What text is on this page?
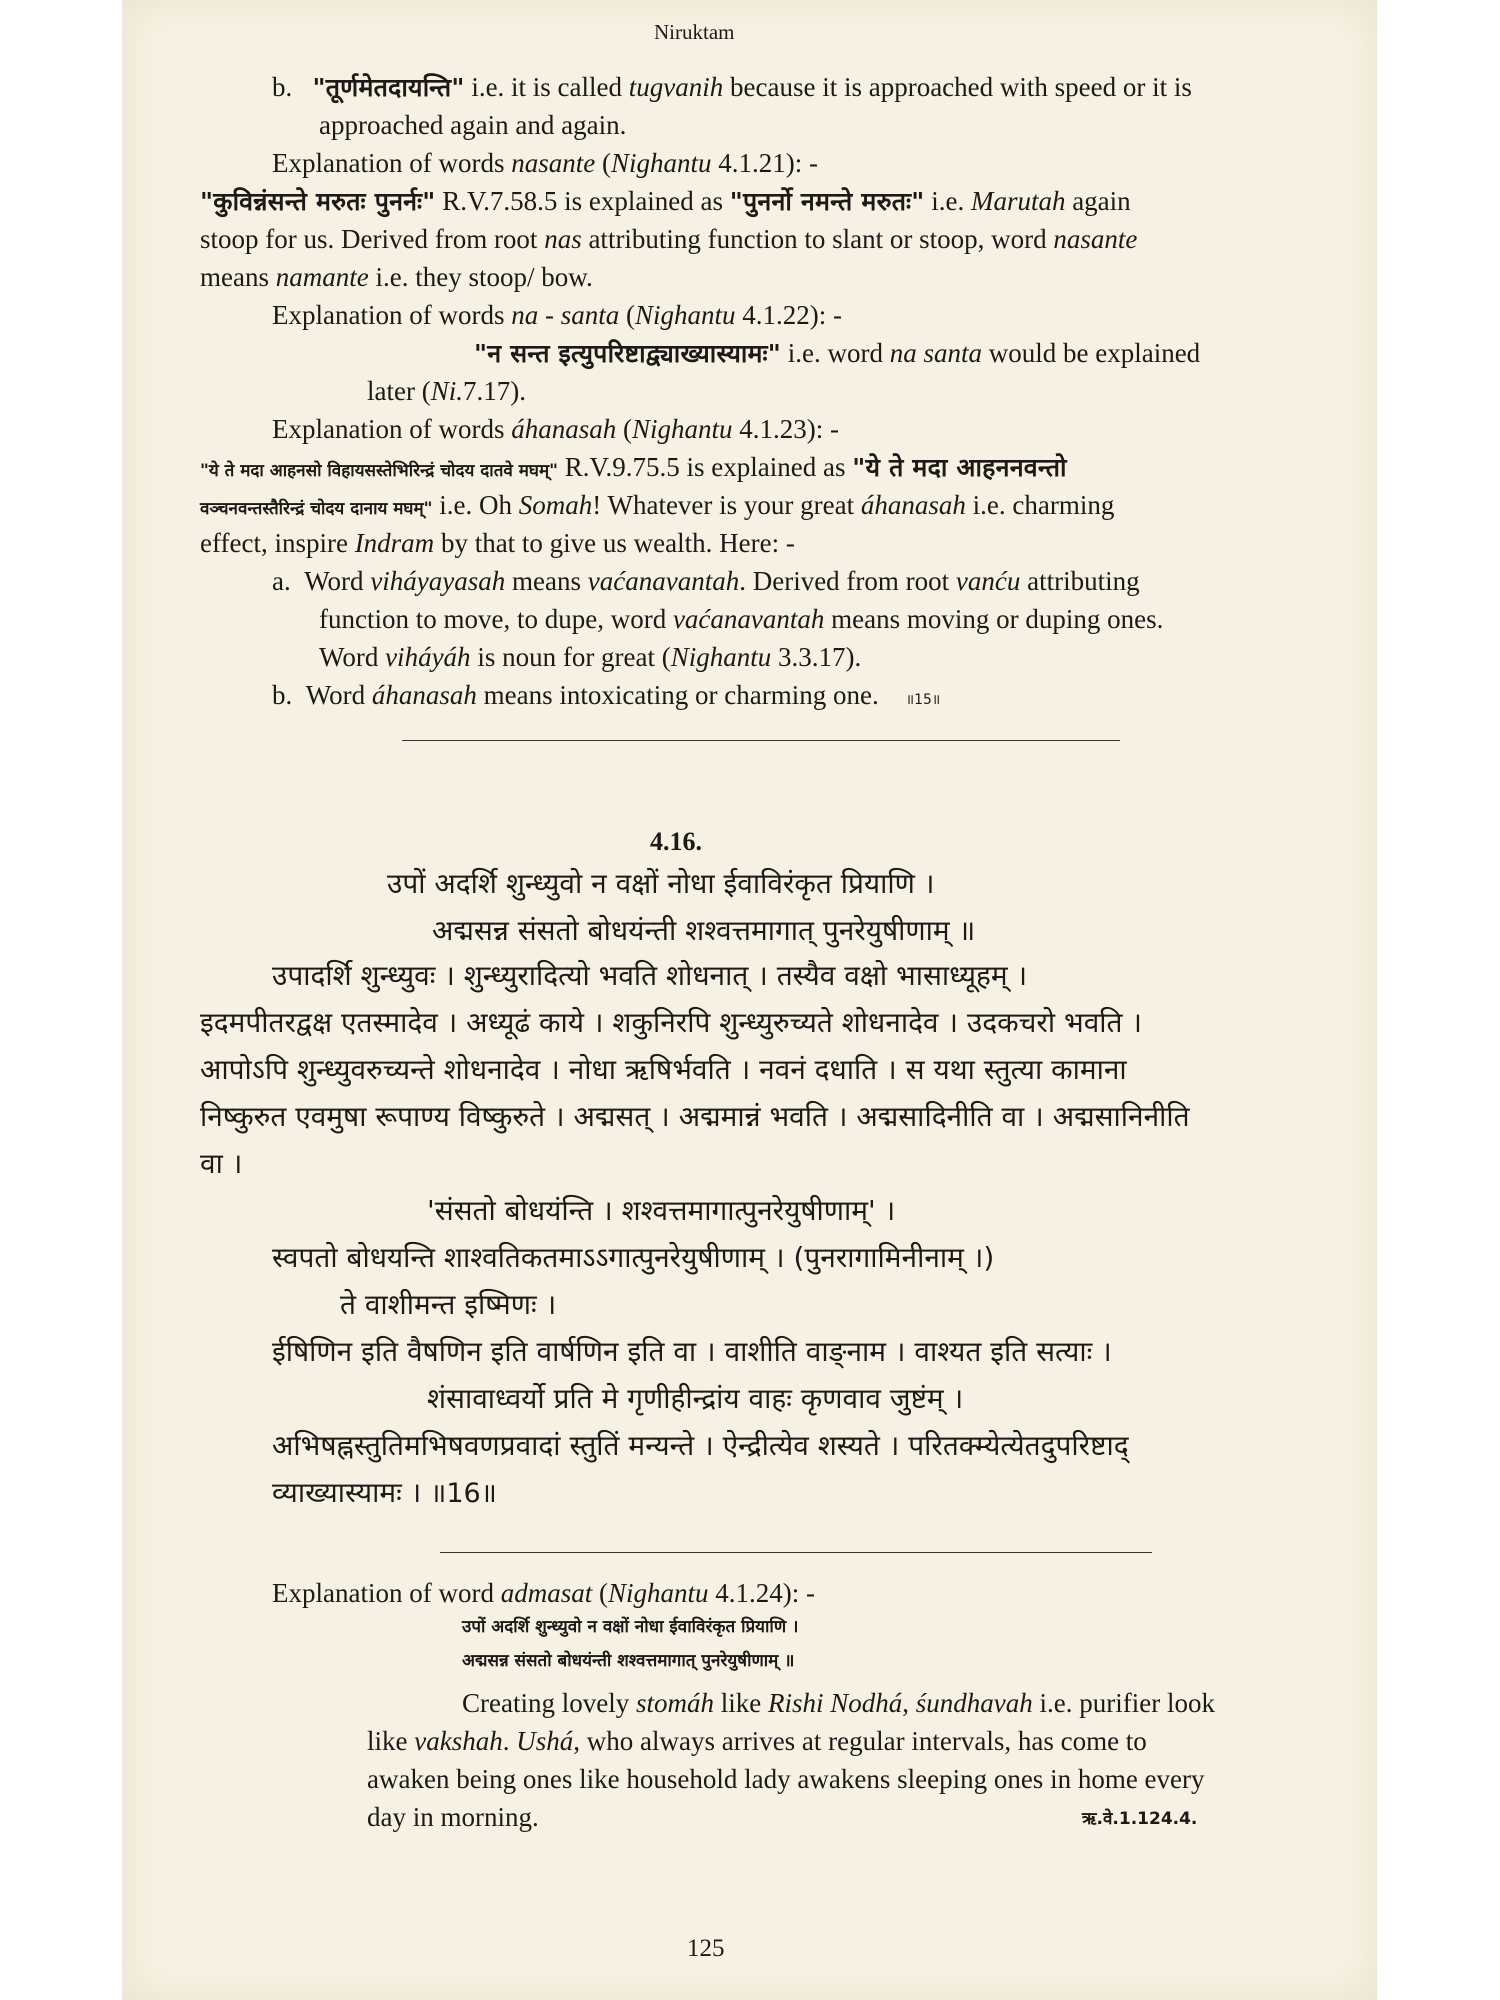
Niruktam
b. "तूर्णमेतदायन्ति" i.e. it is called tugvanih because it is approached with speed or it is
approached again and again.
Explanation of words nasante (Nighantu 4.1.21): -
"कुविन्नंसन्ते मरुतः पुनर्नः" R.V.7.58.5 is explained as "पुनर्नो नमन्ते मरुतः" i.e. Marutah again
stoop for us. Derived from root nas attributing function to slant or stoop, word nasante
means namante i.e. they stoop/ bow.
Explanation of words na - santa (Nighantu 4.1.22): -
"न सन्त इत्युपरिष्टाद्व्याख्यास्यामः" i.e. word na santa would be explained
later (Ni.7.17).
Explanation of words áhanasah (Nighantu 4.1.23): -
"ये ते मदा आहनसो विहायसस्तेभिरिन्द्रं चोदय दातवे मघम्" R.V.9.75.5 is explained as "ये ते मदा आहननवन्तो
वञ्चनवन्तस्तैरिन्द्रं चोदय दानाय मघम्" i.e. Oh Somah! Whatever is your great áhanasah i.e. charming
effect, inspire Indram by that to give us wealth. Here: -
a. Word viháyayasah means vaćanavantah. Derived from root vanću attributing
function to move, to dupe, word vaćanavantah means moving or duping ones.
Word viháyáh is noun for great (Nighantu 3.3.17).
b. Word áhanasah means intoxicating or charming one. ॥15॥
4.16.
उपों अदर्शि शुन्ध्युवो न वक्षों नोधा ईवाविरंकृत प्रियाणि ।
अद्मसन्न संसतो बोधयंन्ती शश्वत्तमागात् पुनरेयुषीणाम् ॥
उपादर्शि शुन्ध्युवः । शुन्ध्युरादित्यो भवति शोधनात् । तस्यैव वक्षो भासाध्यूहम् ।
इदमपीतरद्वक्ष एतस्मादेव । अध्यूढं काये । शकुनिरपि शुन्ध्युरुच्यते शोधनादेव । उदकचरो भवति ।
आपोऽपि शुन्ध्युवरुच्यन्ते शोधनादेव । नोधा ऋषिर्भवति । नवनं दधाति । स यथा स्तुत्या कामाना
निष्कुरुत एवमुषा रूपाण्य विष्कुरुते । अद्मसत् । अद्ममान्नं भवति । अद्मसादिनीति वा । अद्मसानिनीति
वा ।
'संसतो बोधयंन्ति । शश्वत्तमागात्पुनरेयुषीणाम्' ।
स्वपतो बोधयन्ति शाश्वतिकतमाऽऽगात्पुनरेयुषीणाम् । (पुनरागामिनीनाम् ।)
ते वाशीमन्त इष्मिणः ।
ईषिणिन इति वैषणिन इति वार्षणिन इति वा । वाशीति वाङ्नाम । वाश्यत इति सत्याः ।
शंसावाध्वर्यो प्रति मे गृणीहीन्द्रांय वाहः कृणवाव जुष्टंम् ।
अभिषह्नस्तुतिमभिषवणप्रवादां स्तुतिं मन्यन्ते । ऐन्द्रीत्येव शस्यते । परितक्म्येत्येतदुपरिष्टाद्
व्याख्यास्यामः । ॥16॥
Explanation of word admasat (Nighantu 4.1.24): -
उपों अदर्शि शुन्ध्युवो न वक्षों नोधा ईवाविरंकृत प्रियाणि ।
अद्मसन्न संसतो बोधयंन्ती शश्वत्तमागात् पुनरेयुषीणाम् ॥
Creating lovely stomáh like Rishi Nodhá, śundhavah i.e. purifier look
like vakshah. Ushá, who always arrives at regular intervals, has come to
awaken being ones like household lady awakens sleeping ones in home every
day in morning.	ऋ.वे.1.124.4.
125
